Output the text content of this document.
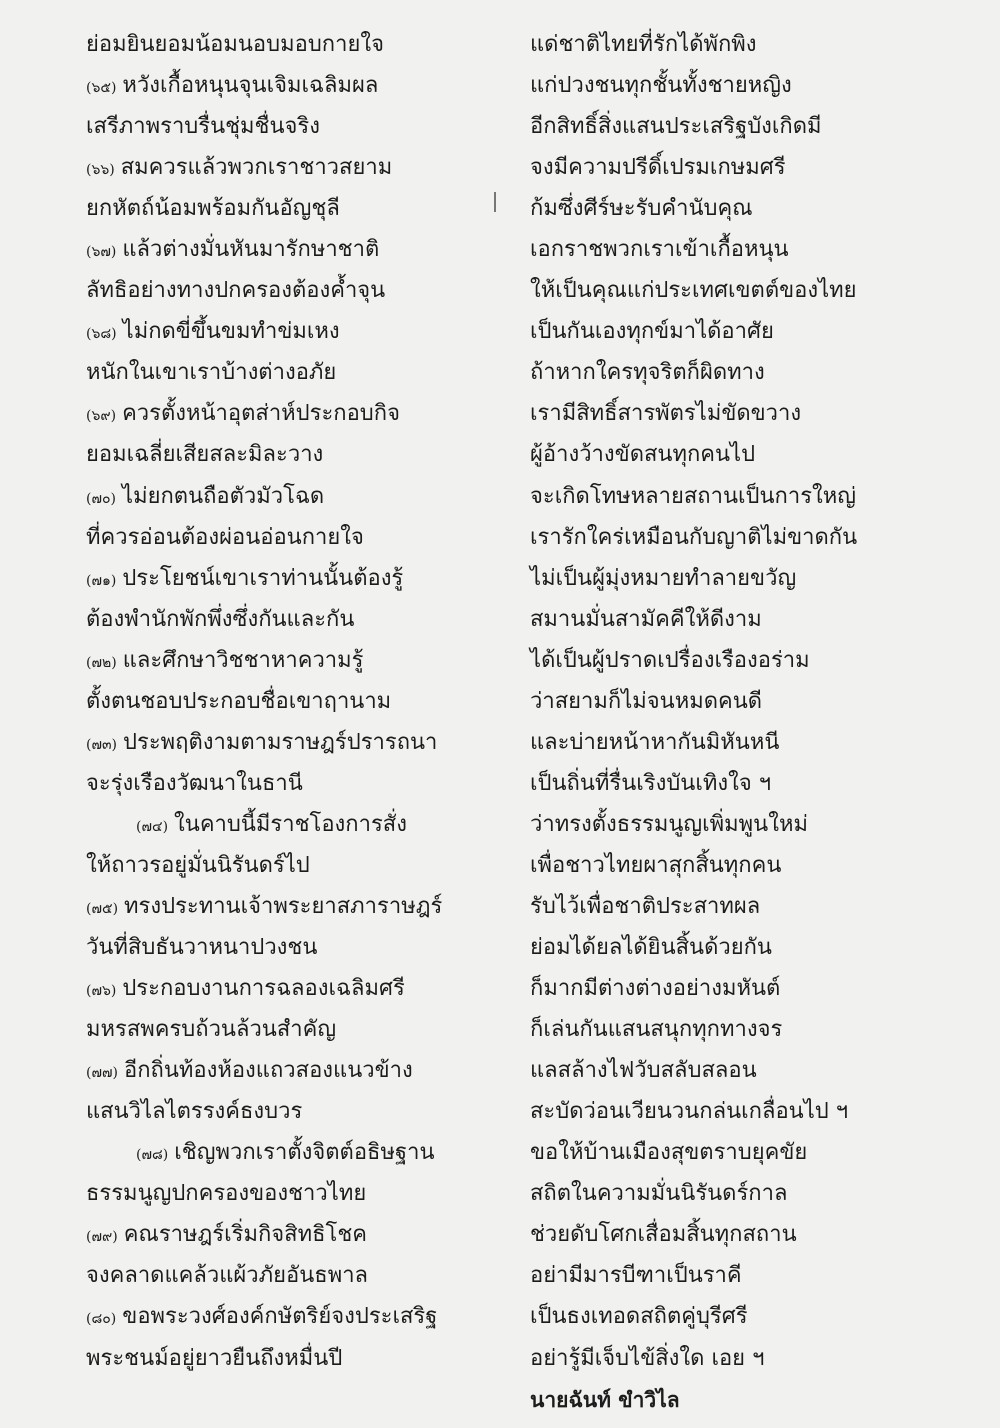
ย่อมยินยอมน้อมนอบมอบกายใจ
(๖๕) หวังเกื้อหนุนจุนเจิมเฉลิมผล
เสรีภาพราบรื่นชุ่มชื่นจริง
(๖๖) สมควรแล้วพวกเราชาวสยาม
ยกหัตถ์น้อมพร้อมกันอัญชุลี
(๖๗) แล้วต่างมั่นหันมารักษาชาติ
ลัทธิอย่างทางปกครองต้องค้ำจุน
(๖๘) ไม่กดขี่ขึ้นขมทำข่มเหง
หนักในเขาเราบ้างต่างอภัย
(๖๙) ควรตั้งหน้าอุตส่าห์ประกอบกิจ
ยอมเฉลี่ยเสียสละมิละวาง
(๗๐) ไม่ยกตนถือตัวมัวโฉด
ที่ควรอ่อนต้องผ่อนอ่อนกายใจ
(๗๑) ประโยชน์เขาเราท่านนั้นต้องรู้
ต้องพำนักพักพึ่งซึ่งกันและกัน
(๗๒) และศึกษาวิชชาหาความรู้
ตั้งตนชอบประกอบชื่อเขาฤานาม
(๗๓) ประพฤติงามตามราษฎร์ปรารถนา
จะรุ่งเรืองวัฒนาในธานี
(๗๔) ในคาบนี้มีราชโองการสั่ง
ให้ถาวรอยู่มั่นนิรันดร์ไป
(๗๕) ทรงประทานเจ้าพระยาสภาราษฎร์
วันที่สิบธันวาหนาปวงชน
(๗๖) ประกอบงานการฉลองเฉลิมศรี
มหรสพครบถ้วนล้วนสำคัญ
(๗๗) อีกถิ่นท้องห้องแถวสองแนวข้าง
แสนวิไลไตรรงค์ธงบวร
(๗๘) เชิญพวกเราตั้งจิตต์อธิษฐาน
ธรรมนูญปกครองของชาวไทย
(๗๙) คณราษฎร์เริ่มกิจสิทธิโชค
จงคลาดแคล้วแผ้วภัยอันธพาล
(๘๐) ขอพระวงศ์องค์กษัตริย์จงประเสริฐ
พระชนม์อยู่ยาวยืนถึงหมื่นปี
แด่ชาติไทยที่รักได้พักพิง
แก่ปวงชนทุกชั้นทั้งชายหญิง
อีกสิทธิ์สิ่งแสนประเสริฐบังเกิดมี
จงมีความปรีดิ์เปรมเกษมศรี
ก้มซึ่งศีร์ษะรับคำนับคุณ
เอกราชพวกเราเข้าเกื้อหนุน
ให้เป็นคุณแก่ประเทศเขตต์ของไทย
เป็นกันเองทุกข์มาได้อาศัย
ถ้าหากใครทุจริตก็ผิดทาง
เรามีสิทธิ์สารพัตรไม่ขัดขวาง
ผู้อ้างว้างขัดสนทุกคนไป
จะเกิดโทษหลายสถานเป็นการใหญ่
เรารักใคร่เหมือนกับญาติไม่ขาดกัน
ไม่เป็นผู้มุ่งหมายทำลายขวัญ
สมานมั่นสามัคคีให้ดีงาม
ได้เป็นผู้ปราดเปรื่องเรืองอร่าม
ว่าสยามก็ไม่จนหมดคนดี
และบ่ายหน้าหากันมิหันหนี
เป็นถิ่นที่รื่นเริงบันเทิงใจ ฯ
ว่าทรงตั้งธรรมนูญเพิ่มพูนใหม่
เพื่อชาวไทยผาสุกสิ้นทุกคน
รับไว้เพื่อชาติประสาทผล
ย่อมได้ยลได้ยินสิ้นด้วยกัน
ก็มากมีต่างต่างอย่างมหันต์
ก็เล่นกันแสนสนุกทุกทางจร
แลสล้างไฟวับสลับสลอน
สะบัดว่อนเวียนวนกล่นเกลื่อนไป ฯ
ขอให้บ้านเมืองสุขตราบยุคขัย
สถิตในความมั่นนิรันดร์กาล
ช่วยดับโศกเสื่อมสิ้นทุกสถาน
อย่ามีมารบีฑาเป็นราคี
เป็นธงเทอดสถิตคู่บุรีศรี
อย่ารู้มีเจ็บไข้สิ่งใด เอย ฯ
นายฉันท์ ขำวิไล
